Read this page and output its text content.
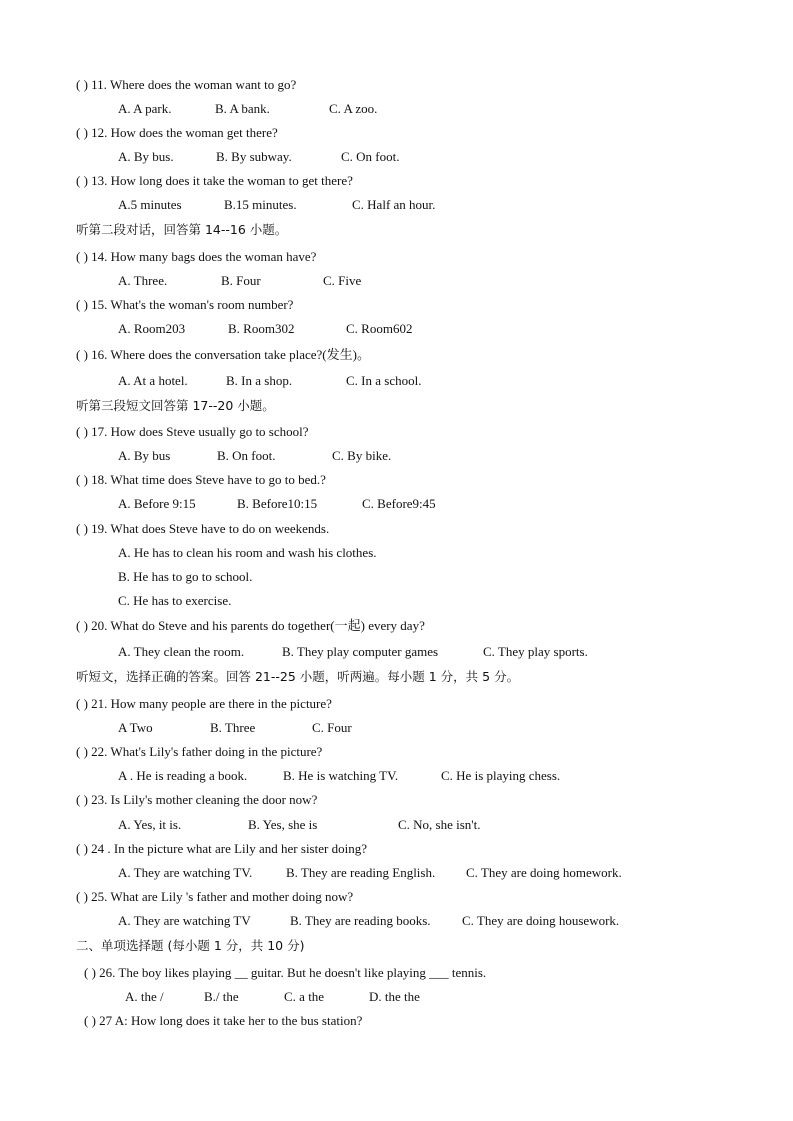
( ) 11. Where does the woman want to go?
A. A park.	B. A bank.	C. A zoo.
( ) 12. How does the woman get there?
A. By bus.	B. By subway.	C. On foot.
( ) 13. How long does it take the woman to get there?
A.5 minutes	B.15 minutes.	C. Half an hour.
听第二段对话，回答第 14--16 小题。
( ) 14. How many bags does the woman have?
A. Three.	B. Four	C. Five
( ) 15. What's the woman's room number?
A. Room203	B. Room302	C. Room602
( ) 16. Where does the conversation take place?(发生)。
A. At a hotel.	B. In a shop.	C. In a school.
听第三段短文回答第 17--20 小题。
( ) 17. How does Steve usually go to school?
A. By bus	B. On foot.	C. By bike.
( ) 18. What time does Steve have to go to bed.?
A. Before 9:15	B. Before10:15	C. Before9:45
( ) 19. What does Steve have to do on weekends.
A. He has to clean his room and wash his clothes.
B. He has to go to school.
C. He has to exercise.
( ) 20. What do Steve and his parents do together(一起) every day?
A. They clean the room.	B. They play computer games	C. They play sports.
听短文，选择正确的答案。回答 21--25 小题，听两遍。每小题 1 分，共 5 分。
( ) 21. How many people are there in the picture?
A Two	B. Three	C. Four
( ) 22. What's Lily's father doing in the picture?
A . He is reading a book.	B. He is watching TV.	C. He is playing chess.
( ) 23. Is Lily's mother cleaning the door now?
A. Yes, it is.	B. Yes, she is	C. No, she isn't.
( ) 24 . In the picture what are Lily and her sister doing?
A. They are watching TV.	B. They are reading English. C. They are doing homework.
( ) 25. What are Lily 's father and mother doing now?
A. They are watching TV	B. They are reading books. C. They are doing housework.
二、单项选择题 (每小题 1 分，共 10 分)
( ) 26. The boy likes playing __ guitar. But he doesn't like playing ___ tennis.
A. the /	B./ the	C. a the	D. the the
( ) 27 A: How long does it take her to the bus station?
